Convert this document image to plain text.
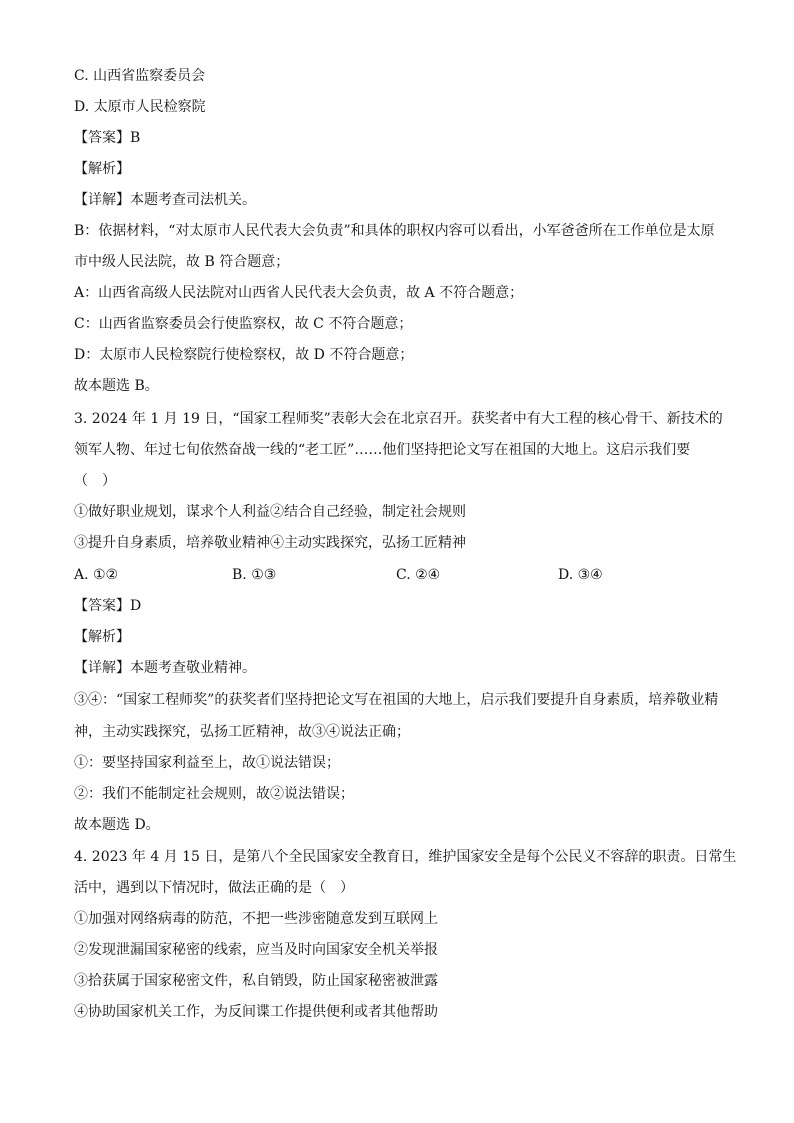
C. 山西省监察委员会
D. 太原市人民检察院
【答案】B
【解析】
【详解】本题考查司法机关。
B：依据材料，“对太原市人民代表大会负责”和具体的职权内容可以看出，小军爸爸所在工作单位是太原
市中级人民法院，故 B 符合题意；
A：山西省高级人民法院对山西省人民代表大会负责，故 A 不符合题意；
C：山西省监察委员会行使监察权，故 C 不符合题意；
D：太原市人民检察院行使检察权，故 D 不符合题意；
故本题选 B。
3. 2024 年 1 月 19 日，“国家工程师奖”表彰大会在北京召开。获奖者中有大工程的核心骨干、新技术的
领军人物、年过七旬依然奋战一线的“老工匠”……他们坚持把论文写在祖国的大地上。这启示我们要
（　）
①做好职业规划，谋求个人利益②结合自己经验，制定社会规则
③提升自身素质，培养敬业精神④主动实践探究，弘扬工匠精神
A. ①②	B. ①③	C. ②④	D. ③④
【答案】D
【解析】
【详解】本题考查敬业精神。
③④：“国家工程师奖”的获奖者们坚持把论文写在祖国的大地上，启示我们要提升自身素质，培养敬业精
神，主动实践探究，弘扬工匠精神，故③④说法正确；
①：要坚持国家利益至上，故①说法错误；
②：我们不能制定社会规则，故②说法错误；
故本题选 D。
4. 2023 年 4 月 15 日，是第八个全民国家安全教育日，维护国家安全是每个公民义不容辞的职责。日常生
活中，遇到以下情况时，做法正确的是（　）
①加强对网络病毒的防范，不把一些涉密随意发到互联网上
②发现泄漏国家秘密的线索，应当及时向国家安全机关举报
③拾获属于国家秘密文件，私自销毁，防止国家秘密被泄露
④协助国家机关工作，为反间谍工作提供便利或者其他帮助
